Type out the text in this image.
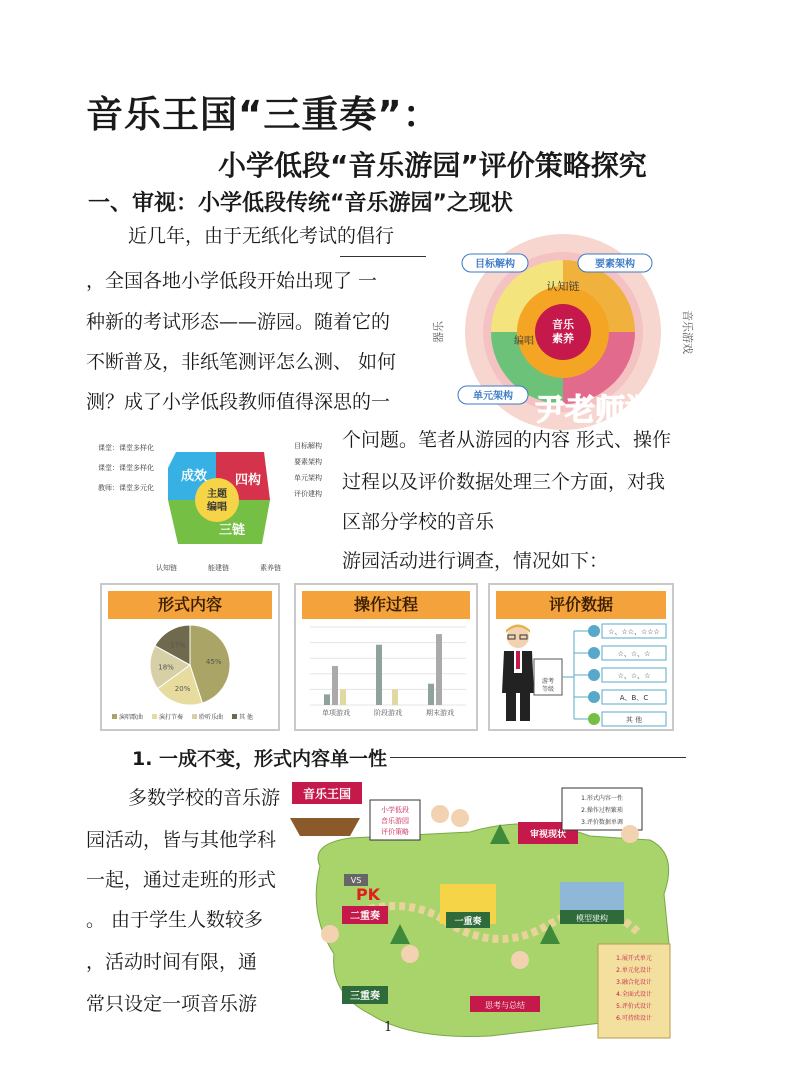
音乐王国“三重奏”：
小学低段“音乐游园”评价策略探究
一、审视：小学低段传统“音乐游园”之现状
近几年，由于无纸化考试的倡行
，全国各地小学低段开始出现了 一
种新的考试形态——游园。随着它的
不断普及，非纸笔测评怎么测、 如何
测？成了小学低段教师值得深思的一
音乐
素养
认知链
目标解构	要素架构
单元架构
编唱
器乐	音乐游戏
尹老师课题
课堂：课堂多样化
课堂：课堂多样化
教师：课堂多元化
成效 四构
三链
主题
编唱
目标解构
要素架构
单元架构
评价建构
认知链	能建链	素养链
个问题。笔者从游园的内容 形式、操作
过程以及评价数据处理三个方面，对我
区部分学校的音乐
游园活动进行调查，情况如下：
形式内容
45%
20%
18%
17%
演唱歌曲	演打节奏	聆听乐曲	其 他
操作过程
单项游戏	阶段游戏	期末游戏
评价数据
游考
等级
☆、☆☆、☆☆☆
☆、☆、☆
☆、☆、☆
A、B、C
其 他
1. 一成不变，形式内容单一性
多数学校的音乐游
园活动，皆与其他学科
一起，通过走班的形式
。 由于学生人数较多
，活动时间有限，通
常只设定一项音乐游
音乐王国
小学低段
音乐游园
评价策略	审视现状
1.形式内容一性
2.操作过程繁琐
3.评价数据单调
VS
PK
二重奏	一重奏	模型建构
三重奏
思考与总结
1.展开式单元
2.单元化设计
3.融合化设计
4.全面式设计
5.评价式设计
6.可持续设计
1
